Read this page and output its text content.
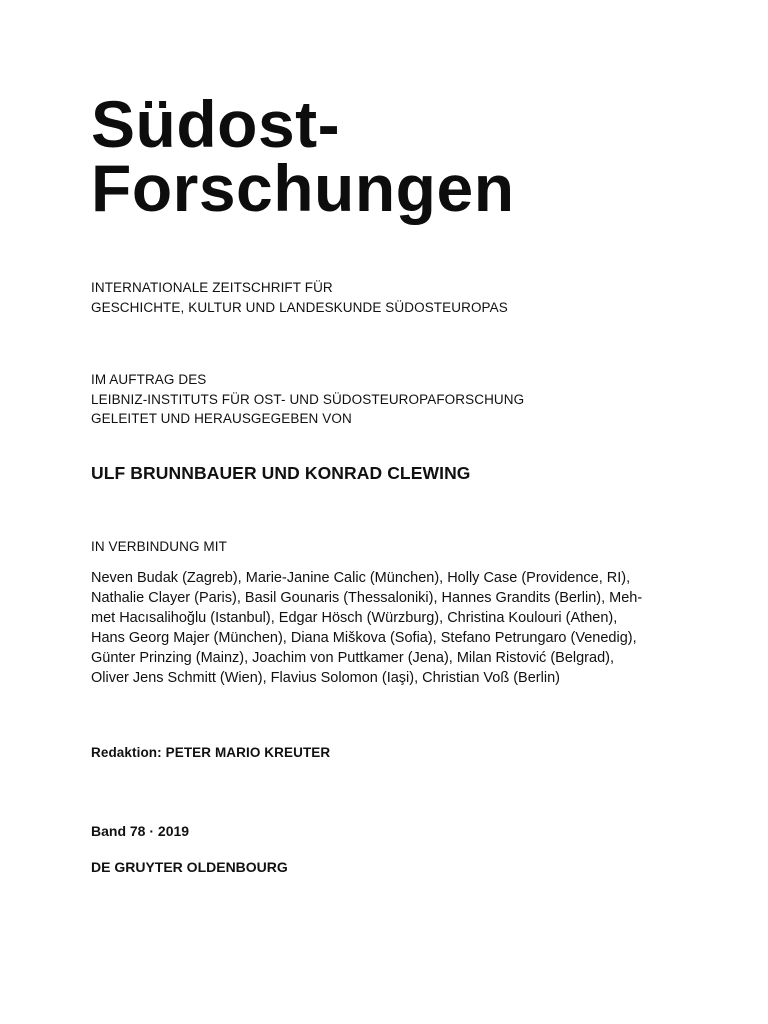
Südost-
Forschungen
INTERNATIONALE ZEITSCHRIFT FÜR
GESCHICHTE, KULTUR UND LANDESKUNDE SÜDOSTEUROPAS
IM AUFTRAG DES
LEIBNIZ-INSTITUTS FÜR OST- UND SÜDOSTEUROPAFORSCHUNG
GELEITET UND HERAUSGEGEBEN VON
ULF BRUNNBAUER UND KONRAD CLEWING
IN VERBINDUNG MIT
Neven Budak (Zagreb), Marie-Janine Calic (München), Holly Case (Providence, RI),
Nathalie Clayer (Paris), Basil Gounaris (Thessaloniki), Hannes Grandits (Berlin), Meh-
met Hacısalihoğlu (Istanbul), Edgar Hösch (Würzburg), Christina Koulouri (Athen),
Hans Georg Majer (München), Diana Miškova (Sofia), Stefano Petrungaro (Venedig),
Günter Prinzing (Mainz), Joachim von Puttkamer (Jena), Milan Ristović (Belgrad),
Oliver Jens Schmitt (Wien), Flavius Solomon (Iaşi), Christian Voß (Berlin)
Redaktion: PETER MARIO KREUTER
Band 78 · 2019
DE GRUYTER OLDENBOURG
